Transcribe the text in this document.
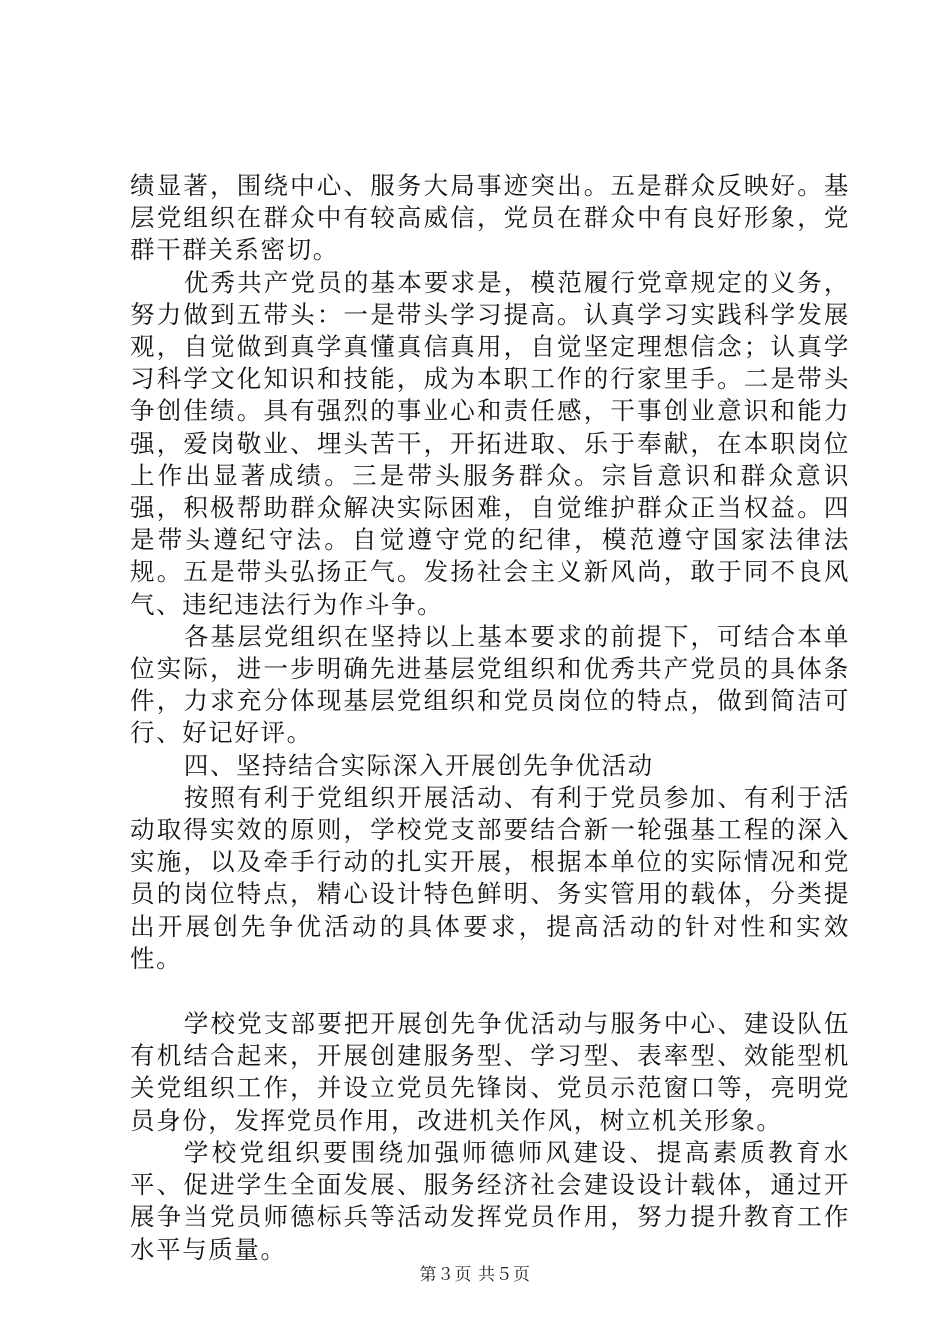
绩显著，围绕中心、服务大局事迹突出。五是群众反映好。基层党组织在群众中有较高威信，党员在群众中有良好形象，党群干群关系密切。

优秀共产党员的基本要求是，模范履行党章规定的义务，努力做到五带头：一是带头学习提高。认真学习实践科学发展观，自觉做到真学真懂真信真用，自觉坚定理想信念；认真学习科学文化知识和技能，成为本职工作的行家里手。二是带头争创佳绩。具有强烈的事业心和责任感，干事创业意识和能力强，爱岗敬业、埋头苦干，开拓进取、乐于奉献，在本职岗位上作出显著成绩。三是带头服务群众。宗旨意识和群众意识强，积极帮助群众解决实际困难，自觉维护群众正当权益。四是带头遵纪守法。自觉遵守党的纪律，模范遵守国家法律法规。五是带头弘扬正气。发扬社会主义新风尚，敢于同不良风气、违纪违法行为作斗争。

各基层党组织在坚持以上基本要求的前提下，可结合本单位实际，进一步明确先进基层党组织和优秀共产党员的具体条件，力求充分体现基层党组织和党员岗位的特点，做到简洁可行、好记好评。

四、坚持结合实际深入开展创先争优活动

按照有利于党组织开展活动、有利于党员参加、有利于活动取得实效的原则，学校党支部要结合新一轮强基工程的深入实施，以及牵手行动的扎实开展，根据本单位的实际情况和党员的岗位特点，精心设计特色鲜明、务实管用的载体，分类提出开展创先争优活动的具体要求，提高活动的针对性和实效性。

学校党支部要把开展创先争优活动与服务中心、建设队伍有机结合起来，开展创建服务型、学习型、表率型、效能型机关党组织工作，并设立党员先锋岗、党员示范窗口等，亮明党员身份，发挥党员作用，改进机关作风，树立机关形象。

学校党组织要围绕加强师德师风建设、提高素质教育水平、促进学生全面发展、服务经济社会建设设计载体，通过开展争当党员师德标兵等活动发挥党员作用，努力提升教育工作水平与质量。

第３页 共５页
